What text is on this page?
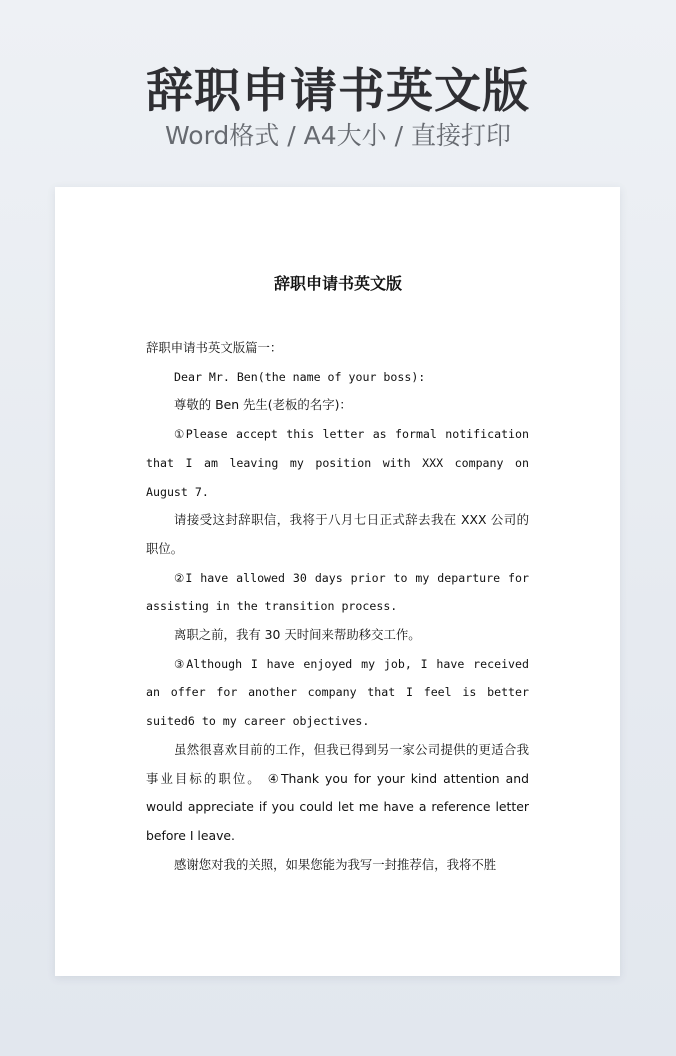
辞职申请书英文版
Word格式 / A4大小 / 直接打印
辞职申请书英文版

辞职申请书英文版篇一：

Dear Mr. Ben(the name of your boss):

尊敬的 Ben 先生(老板的名字)：

①Please accept this letter as formal notification that I am leaving my position with XXX company on August 7.

请接受这封辞职信，我将于八月七日正式辞去我在 XXX 公司的职位。

②I have allowed 30 days prior to my departure for assisting in the transition process.

离职之前，我有 30 天时间来帮助移交工作。

③Although I have enjoyed my job, I have received an offer for another company that I feel is better suited6 to my career objectives.

虽然很喜欢目前的工作，但我已得到另一家公司提供的更适合我事业目标的职位。 ④Thank you for your kind attention and would appreciate if you could let me have a reference letter before I leave.

感谢您对我的关照，如果您能为我写一封推荐信，我将不胜
